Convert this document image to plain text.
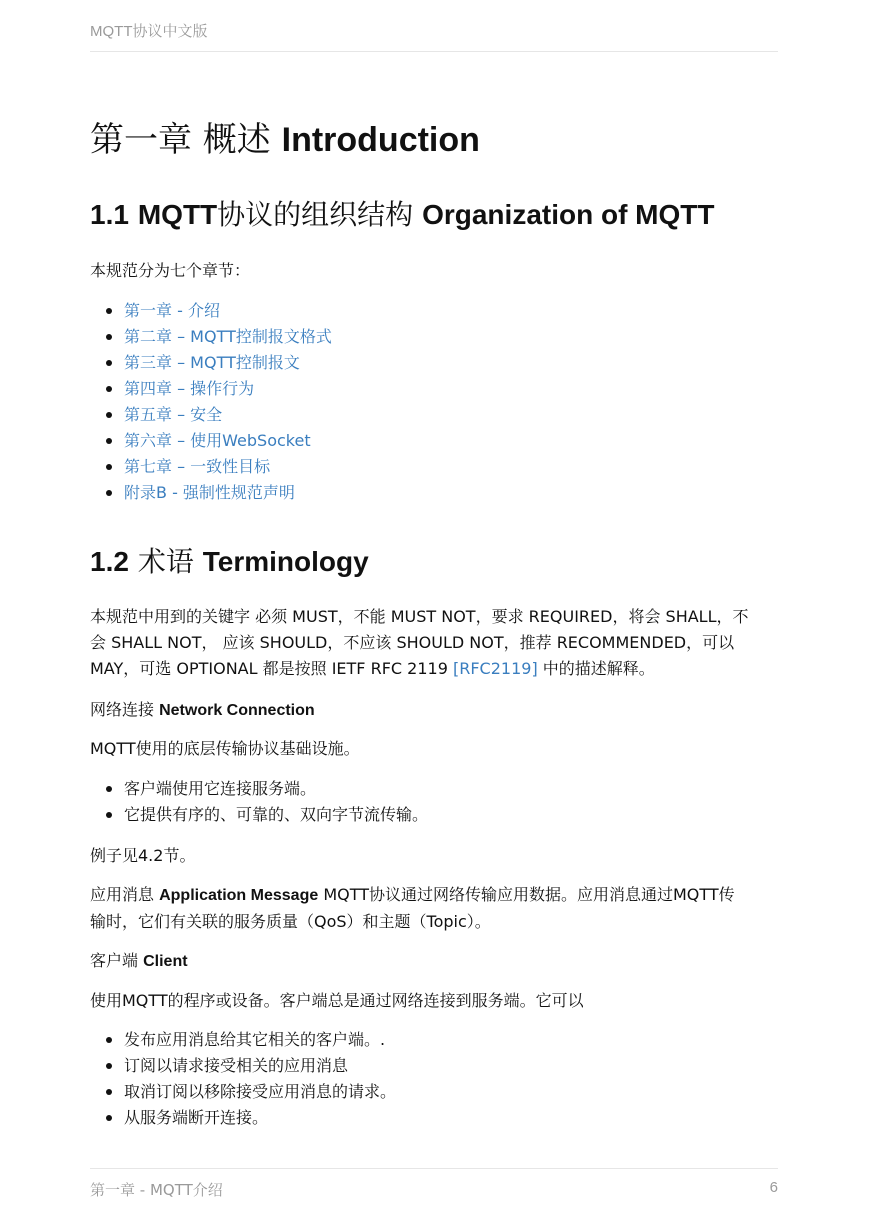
MQTT协议中文版
第一章 概述 Introduction
1.1 MQTT协议的组织结构 Organization of MQTT

本规范分为七个章节：

第一章 - 介绍
第二章 – MQTT控制报文格式
第三章 – MQTT控制报文
第四章 – 操作行为
第五章 – 安全
第六章 – 使用WebSocket
第七章 – 一致性目标
附录B - 强制性规范声明
1.2 术语 Terminology
本规范中用到的关键字 必须 MUST，不能 MUST NOT，要求 REQUIRED，将会 SHALL，不
会 SHALL NOT， 应该 SHOULD，不应该 SHOULD NOT，推荐 RECOMMENDED，可以
MAY，可选 OPTIONAL 都是按照 IETF RFC 2119 [RFC2119] 中的描述解释。

网络连接 Network Connection

MQTT使用的底层传输协议基础设施。

客户端使用它连接服务端。
它提供有序的、可靠的、双向字节流传输。

例子见4.2节。

应用消息 Application Message MQTT协议通过网络传输应用数据。应用消息通过MQTT传
输时，它们有关联的服务质量（QoS）和主题（Topic）。

客户端 Client

使用MQTT的程序或设备。客户端总是通过网络连接到服务端。它可以

发布应用消息给其它相关的客户端。.
订阅以请求接受相关的应用消息
取消订阅以移除接受应用消息的请求。
从服务端断开连接。
第一章 - MQTT介绍	6
